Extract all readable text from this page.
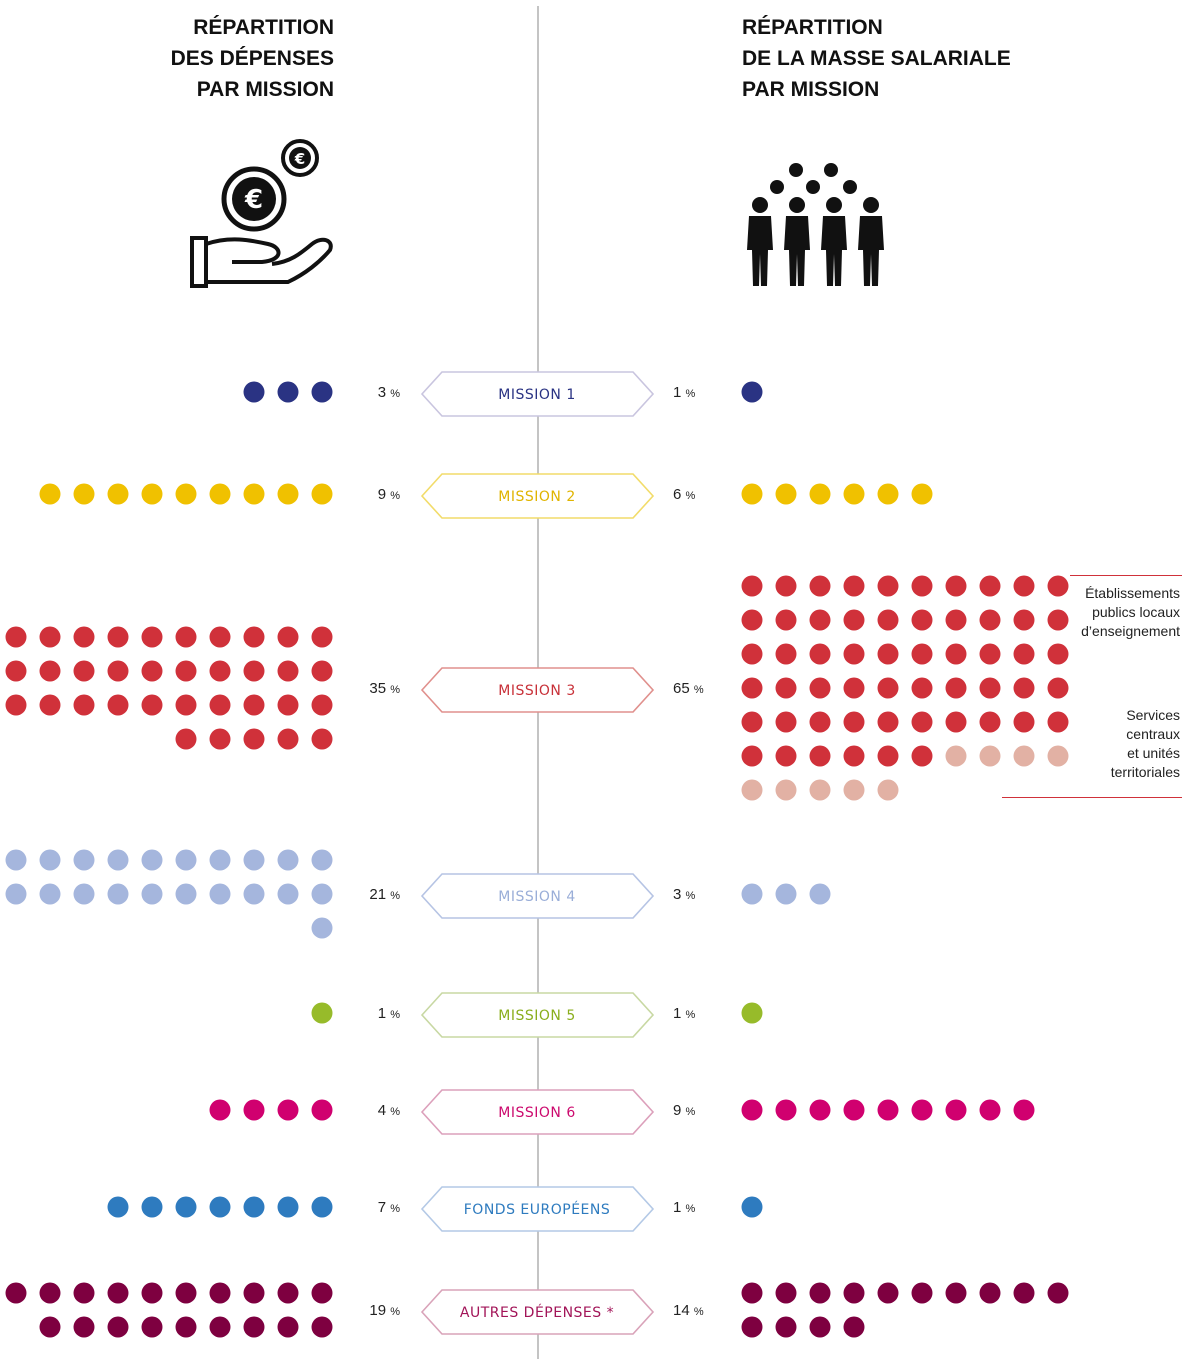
RÉPARTITION
DES DÉPENSES
PAR MISSION
RÉPARTITION
DE LA MASSE SALARIALE
PAR MISSION
€
€
MISSION 1
3 %	1 %
MISSION 2
9 %	6 %
MISSION 3
35 %	65 %
MISSION 4
21 %	3 %
MISSION 5
1 %	1 %
MISSION 6
4 %	9 %
FONDS EUROPÉENS
7 %	1 %
AUTRES DÉPENSES *
19 %	14 %
Établissements
publics locaux
d’enseignement
Services
centraux
et unités
territoriales
